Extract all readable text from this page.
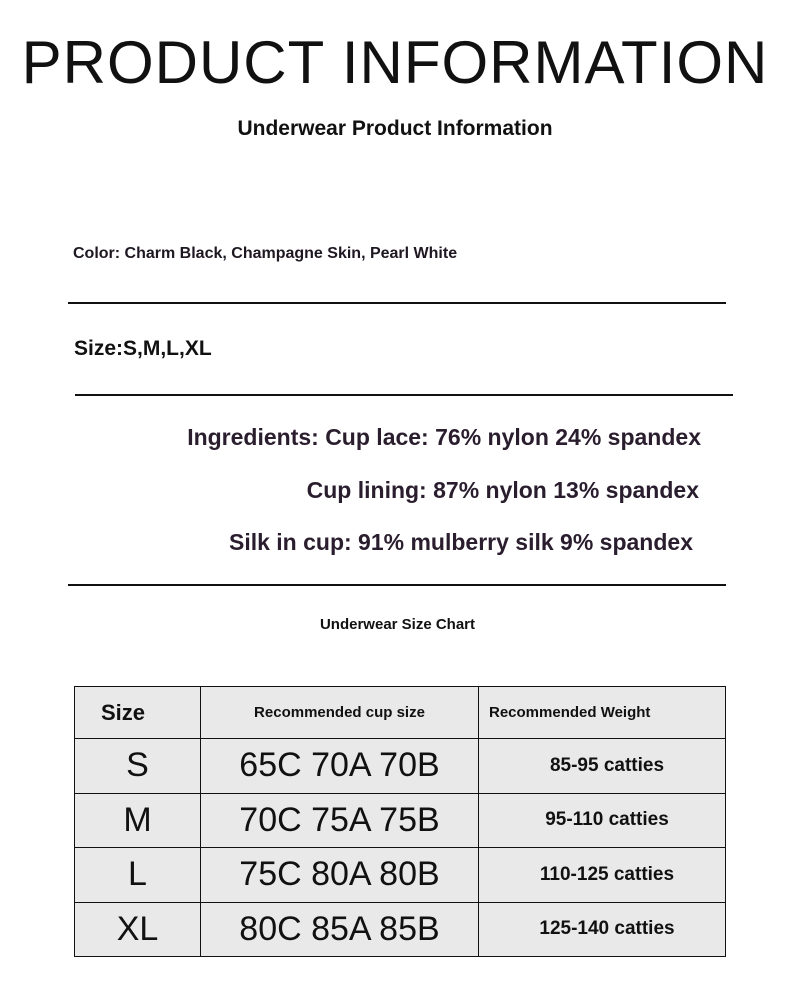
PRODUCT INFORMATION
Underwear Product Information
Color: Charm Black, Champagne Skin, Pearl White
Size:S,M,L,XL
Ingredients: Cup lace: 76% nylon 24% spandex
Cup lining: 87% nylon 13% spandex
Silk in cup: 91% mulberry silk 9% spandex
Underwear Size Chart
Size	Recommended cup size	Recommended Weight
S	65C 70A 70B	85-95 catties
M	70C 75A 75B	95-110 catties
L	75C 80A 80B	110-125 catties
XL	80C 85A 85B	125-140 catties
